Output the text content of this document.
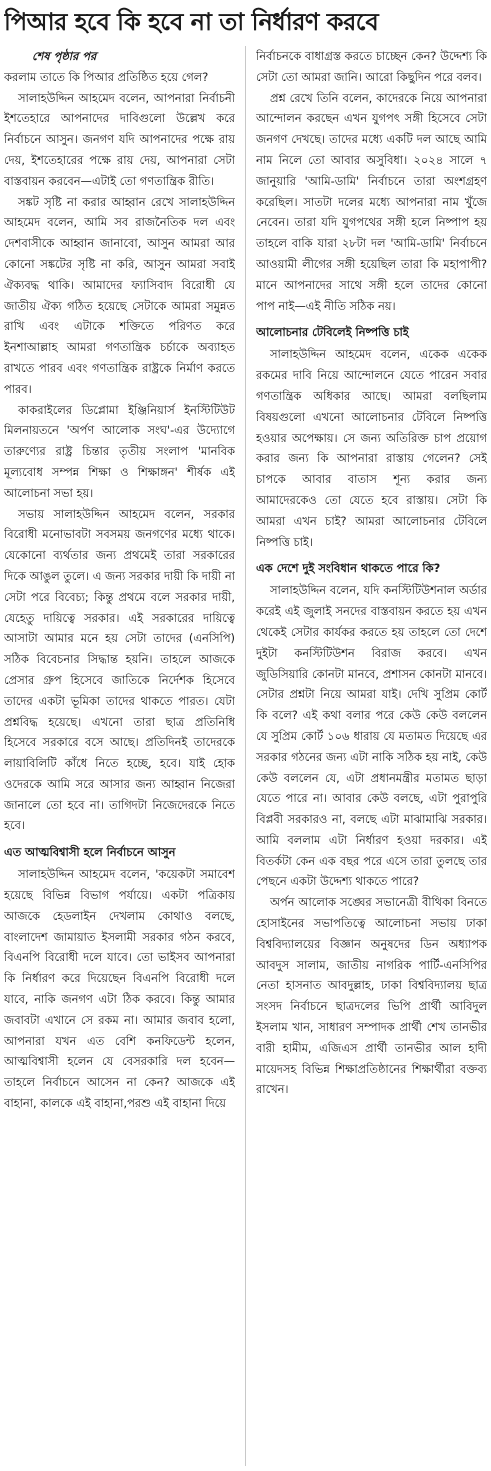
পিআর হবে কি হবে না তা নির্ধারণ করবে

শেষ পৃষ্ঠার পর

করলাম তাতে কি পিআর প্রতিষ্ঠিত হয়ে গেল?

সালাহউদ্দিন আহমেদ বলেন, আপনারা নির্বাচনী ইশতেহারে আপনাদের দাবিগুলো উল্লেখ করে নির্বাচনে আসুন। জনগণ যদি আপনাদের পক্ষে রায় দেয়, ইশতেহারের পক্ষে রায় দেয়, আপনারা সেটা বাস্তবায়ন করবেন—এটাই তো গণতান্ত্রিক রীতি।

সঙ্কট সৃষ্টি না করার আহ্বান রেখে সালাহউদ্দিন আহমেদ বলেন, আমি সব রাজনৈতিক দল এবং দেশবাসীকে আহ্বান জানাবো, আসুন আমরা আর কোনো সঙ্কটের সৃষ্টি না করি, আসুন আমরা সবাই ঐক্যবদ্ধ থাকি। আমাদের ফ্যাসিবাদ বিরোধী যে জাতীয় ঐক্য গঠিত হয়েছে সেটাকে আমরা সমুন্নত রাখি এবং এটাকে শক্তিতে পরিণত করে ইনশাআল্লাহ আমরা গণতান্ত্রিক চর্চাকে অব্যাহত রাখতে পারব এবং গণতান্ত্রিক রাষ্ট্রকে নির্মাণ করতে পারব।

কাকরাইলের ডিপ্লোমা ইঞ্জিনিয়ার্স ইনস্টিটিউট মিলনায়তনে 'অর্পণ আলোক সংঘ'-এর উদ্যোগে তারুণ্যের রাষ্ট্র চিন্তার তৃতীয় সংলাপ 'মানবিক মূল্যবোধ সম্পন্ন শিক্ষা ও শিক্ষাঙ্গন' শীর্ষক এই আলোচনা সভা হয়।

সভায় সালাহউদ্দিন আহমেদ বলেন, সরকার বিরোধী মনোভাবটা সবসময় জনগণের মধ্যে থাকে। যেকোনো ব্যর্থতার জন্য প্রথমেই তারা সরকারের দিকে আঙুল তুলে। এ জন্য সরকার দায়ী কি দায়ী না সেটা পরে বিবেচ্য; কিন্তু প্রথমে বলে সরকার দায়ী, যেহেতু দায়িত্বে সরকার। এই সরকারের দায়িত্বে আসাটা আমার মনে হয় সেটা তাদের (এনসিপি) সঠিক বিবেচনার সিদ্ধান্ত হয়নি। তাহলে আজকে প্রেসার গ্রুপ হিসেবে জাতিকে নির্দেশক হিসেবে তাদের একটা ভূমিকা তাদের থাকতে পারত। যেটা প্রশ্নবিদ্ধ হয়েছে। এখনো তারা ছাত্র প্রতিনিধি হিসেবে সরকারে বসে আছে। প্রতিদিনই তাদেরকে লায়াবিলিটি কাঁধে নিতে হচ্ছে, হবে। যাই হোক ওদেরকে আমি সরে আসার জন্য আহ্বান নিজেরা জানালে তো হবে না। তাগিদটা নিজেদেরকে নিতে হবে।

এত আত্মবিশ্বাসী হলে নির্বাচনে আসুন

সালাহউদ্দিন আহমেদ বলেন, 'কয়েকটা সমাবেশ হয়েছে বিভিন্ন বিভাগ পর্যায়ে। একটা পত্রিকায় আজকে হেডলাইন দেখলাম কোথাও বলছে, বাংলাদেশ জামায়াত ইসলামী সরকার গঠন করবে, বিএনপি বিরোধী দলে যাবে। তো ভাইসব আপনারা কি নির্ধারণ করে দিয়েছেন বিএনপি বিরোধী দলে যাবে, নাকি জনগণ এটা ঠিক করবে। কিন্তু আমার জবাবটা এখানে সে রকম না। আমার জবাব হলো, আপনারা যখন এত বেশি কনফিডেন্ট হলেন, আত্মবিশ্বাসী হলেন যে বেসরকারি দল হবেন—তাহলে নির্বাচনে আসেন না কেন? আজকে এই বাহানা, কালকে এই বাহানা,পরশু এই বাহানা দিয়ে

নির্বাচনকে বাধাগ্রস্ত করতে চাচ্ছেন কেন? উদ্দেশ্য কি সেটা তো আমরা জানি। আরো কিছুদিন পরে বলব।

প্রশ্ন রেখে তিনি বলেন, কাদেরকে নিয়ে আপনারা আন্দোলন করছেন এখন যুগপৎ সঙ্গী হিসেবে সেটা জনগণ দেখছে। তাদের মধ্যে একটি দল আছে আমি নাম নিলে তো আবার অসুবিধা। ২০২৪ সালে ৭ জানুয়ারি 'আমি-ডামি' নির্বাচনে তারা অংশগ্রহণ করেছিল। সাতটা দলের মধ্যে আপনারা নাম খুঁজে নেবেন। তারা যদি যুগপথের সঙ্গী হলে নিষ্পাপ হয় তাহলে বাকি যারা ২৮টা দল 'আমি-ডামি' নির্বাচনে আওয়ামী লীগের সঙ্গী হয়েছিল তারা কি মহাপাপী? মানে আপনাদের সাথে সঙ্গী হলে তাদের কোনো পাপ নাই—এই নীতি সঠিক নয়।

আলোচনার টেবিলেই নিষ্পত্তি চাই

সালাহউদ্দিন আহমেদ বলেন, একেক একেক রকমের দাবি নিয়ে আন্দোলনে যেতে পারেন সবার গণতান্ত্রিক অধিকার আছে। আমরা বলছিলাম বিষয়গুলো এখনো আলোচনার টেবিলে নিষ্পত্তি হওয়ার অপেক্ষায়। সে জন্য অতিরিক্ত চাপ প্রয়োগ করার জন্য কি আপনারা রাস্তায় গেলেন? সেই চাপকে আবার বাতাস শূন্য করার জন্য আমাদেরকেও তো যেতে হবে রাস্তায়। সেটা কি আমরা এখন চাই? আমরা আলোচনার টেবিলে নিষ্পত্তি চাই।

এক দেশে দুই সংবিধান থাকতে পারে কি?

সালাহউদ্দিন বলেন, যদি কনস্টিটিউশনাল অর্ডার করেই এই জুলাই সনদের বাস্তবায়ন করতে হয় এখন থেকেই সেটার কার্যকর করতে হয় তাহলে তো দেশে দুইটা কনস্টিটিউশন বিরাজ করবে। এখন জুডিসিয়ারি কোনটা মানবে, প্রশাসন কোনটা মানবে। সেটার প্রশ্নটা নিয়ে আমরা যাই। দেখি সুপ্রিম কোর্ট কি বলে? এই কথা বলার পরে কেউ কেউ বললেন যে সুপ্রিম কোর্ট ১০৬ ধারায় যে মতামত দিয়েছে এর সরকার গঠনের জন্য এটা নাকি সঠিক হয় নাই, কেউ কেউ বললেন যে, এটা প্রধানমন্ত্রীর মতামত ছাড়া যেতে পারে না। আবার কেউ বলছে, এটা পুরাপুরি বিপ্লবী সরকারও না, বলছে এটা মাঝামাঝি সরকার। আমি বললাম এটা নির্ধারণ হওয়া দরকার। এই বিতর্কটা কেন এক বছর পরে এসে তারা তুলছে তার পেছনে একটা উদ্দেশ্য থাকতে পারে?

অর্পন আলোক সঙ্ঘের সভানেত্রী বীথিকা বিনতে হোসাইনের সভাপতিত্বে আলোচনা সভায় ঢাকা বিশ্ববিদ্যালয়ের বিজ্ঞান অনুষদের ডিন অধ্যাপক আবদুস সালাম, জাতীয় নাগরিক পার্টি-এনসিপির নেতা হাসনাত আবদুল্লাহ, ঢাকা বিশ্ববিদ্যালয় ছাত্র সংসদ নির্বাচনে ছাত্রদলের ভিপি প্রার্থী আবিদুল ইসলাম খান, সাধারণ সম্পাদক প্রার্থী শেখ তানভীর বারী হামীম, এজিএস প্রার্থী তানভীর আল হাদী মায়েদসহ বিভিন্ন শিক্ষাপ্রতিষ্ঠানের শিক্ষার্থীরা বক্তব্য রাখেন।
